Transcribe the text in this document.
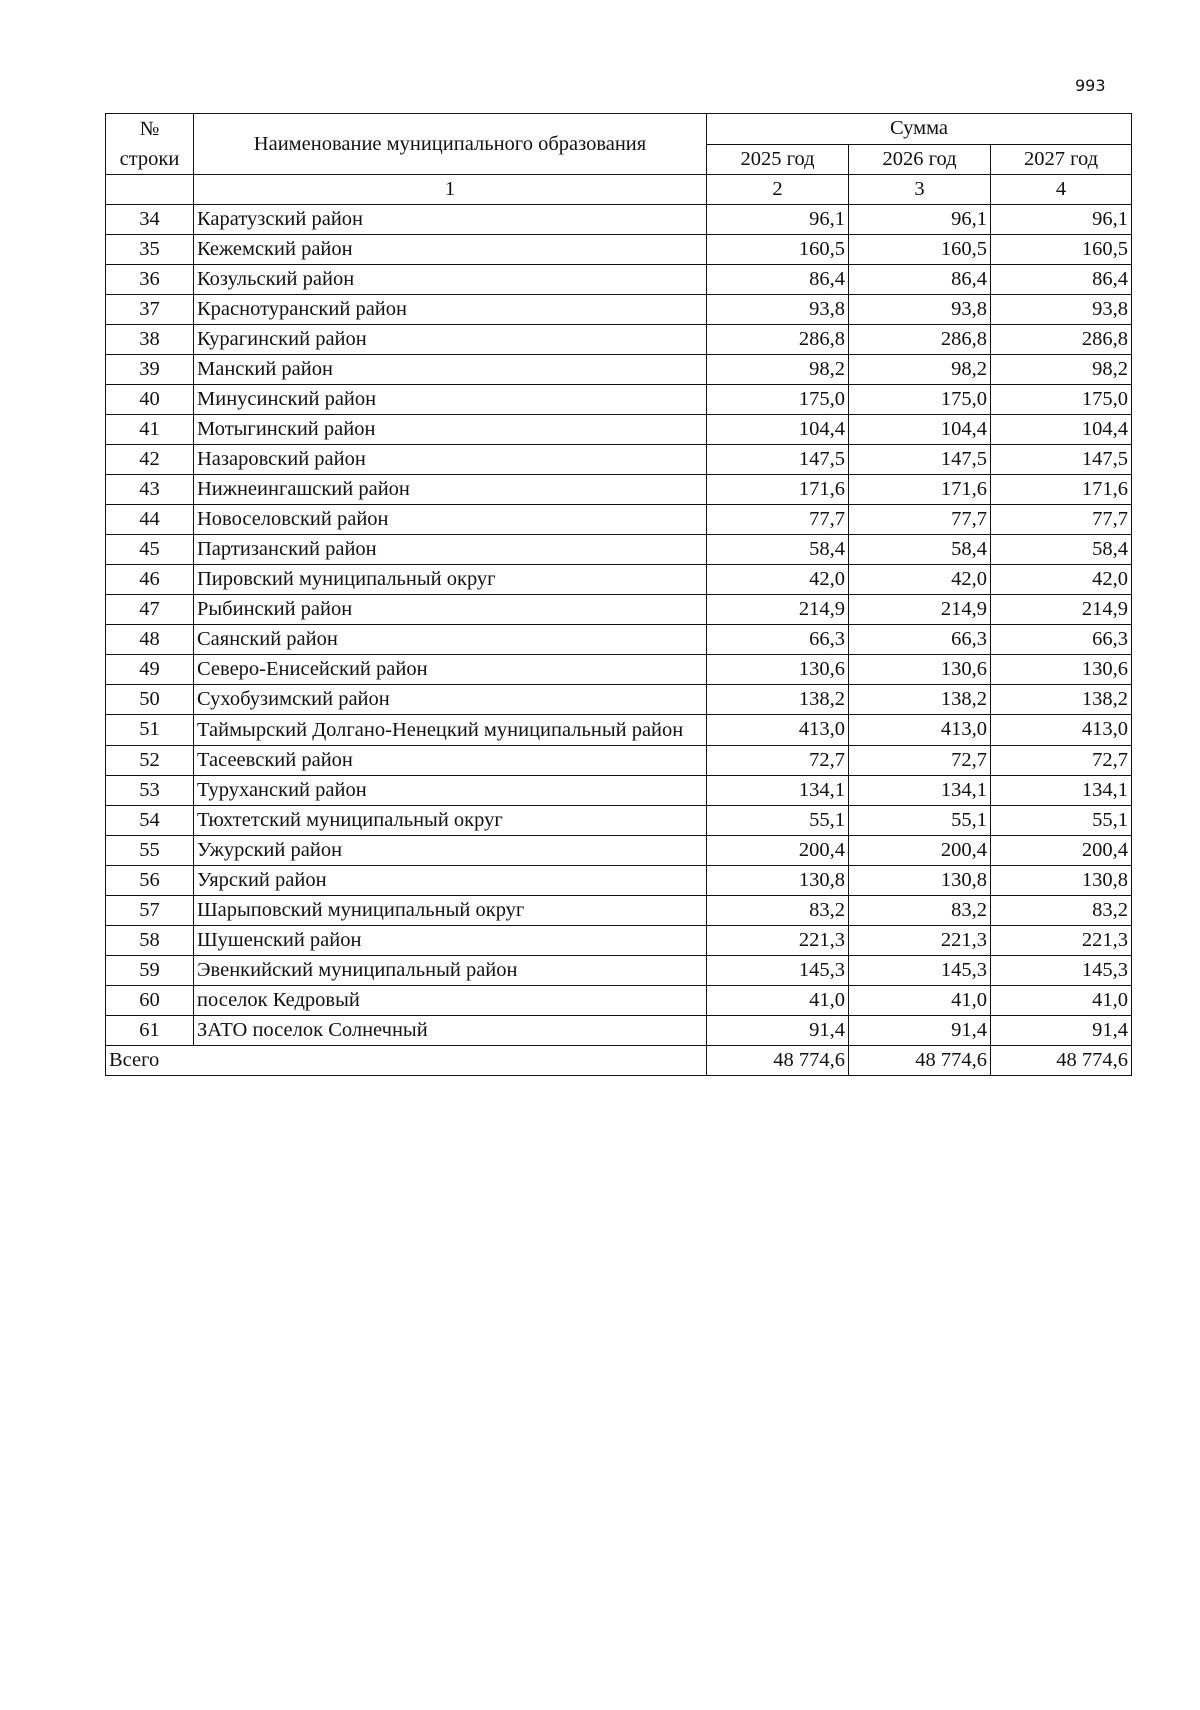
993
№
строки	Наименование муниципального образования	Сумма		
		2025 год	2026 год	2027 год
	1	2	3	4
34	Каратузский район	96,1	96,1	96,1
35	Кежемский район	160,5	160,5	160,5
36	Козульский район	86,4	86,4	86,4
37	Краснотуранский район	93,8	93,8	93,8
38	Курагинский район	286,8	286,8	286,8
39	Манский район	98,2	98,2	98,2
40	Минусинский район	175,0	175,0	175,0
41	Мотыгинский район	104,4	104,4	104,4
42	Назаровский район	147,5	147,5	147,5
43	Нижнеингашский район	171,6	171,6	171,6
44	Новоселовский район	77,7	77,7	77,7
45	Партизанский район	58,4	58,4	58,4
46	Пировский муниципальный округ	42,0	42,0	42,0
47	Рыбинский район	214,9	214,9	214,9
48	Саянский район	66,3	66,3	66,3
49	Северо-Енисейский район	130,6	130,6	130,6
50	Сухобузимский район	138,2	138,2	138,2
51	Таймырский Долгано-Ненецкий муниципальный район	413,0	413,0	413,0
52	Тасеевский район	72,7	72,7	72,7
53	Туруханский район	134,1	134,1	134,1
54	Тюхтетский муниципальный округ	55,1	55,1	55,1
55	Ужурский район	200,4	200,4	200,4
56	Уярский район	130,8	130,8	130,8
57	Шарыповский муниципальный округ	83,2	83,2	83,2
58	Шушенский район	221,3	221,3	221,3
59	Эвенкийский муниципальный район	145,3	145,3	145,3
60	поселок Кедровый	41,0	41,0	41,0
61	ЗАТО поселок Солнечный	91,4	91,4	91,4
Всего		48 774,6	48 774,6	48 774,6
